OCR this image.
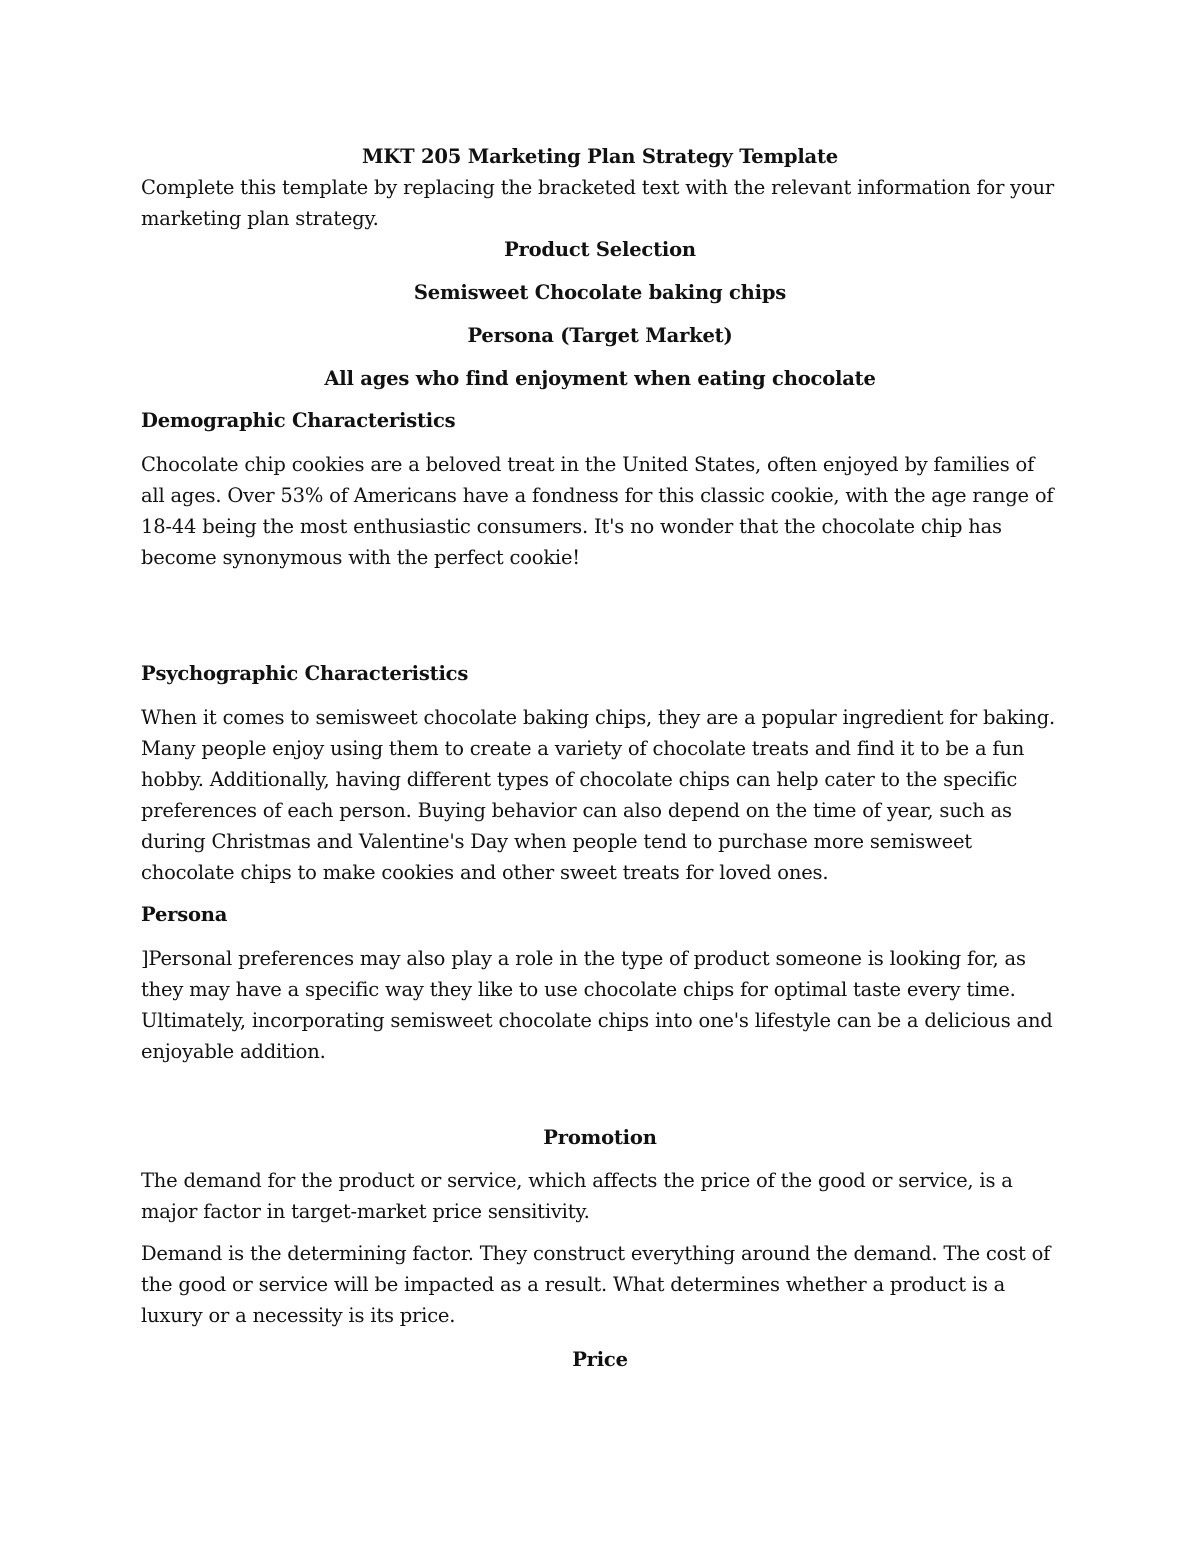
MKT 205 Marketing Plan Strategy Template

Complete this template by replacing the bracketed text with the relevant information for your marketing plan strategy.

Product Selection

Semisweet Chocolate baking chips

Persona (Target Market)

All ages who find enjoyment when eating chocolate

Demographic Characteristics

Chocolate chip cookies are a beloved treat in the United States, often enjoyed by families of all ages. Over 53% of Americans have a fondness for this classic cookie, with the age range of 18-44 being the most enthusiastic consumers. It's no wonder that the chocolate chip has become synonymous with the perfect cookie!

Psychographic Characteristics

When it comes to semisweet chocolate baking chips, they are a popular ingredient for baking. Many people enjoy using them to create a variety of chocolate treats and find it to be a fun hobby. Additionally, having different types of chocolate chips can help cater to the specific preferences of each person. Buying behavior can also depend on the time of year, such as during Christmas and Valentine's Day when people tend to purchase more semisweet chocolate chips to make cookies and other sweet treats for loved ones.

Persona

]Personal preferences may also play a role in the type of product someone is looking for, as they may have a specific way they like to use chocolate chips for optimal taste every time. Ultimately, incorporating semisweet chocolate chips into one's lifestyle can be a delicious and enjoyable addition.

Promotion

The demand for the product or service, which affects the price of the good or service, is a major factor in target-market price sensitivity.

Demand is the determining factor. They construct everything around the demand. The cost of the good or service will be impacted as a result. What determines whether a product is a luxury or a necessity is its price.

Price
